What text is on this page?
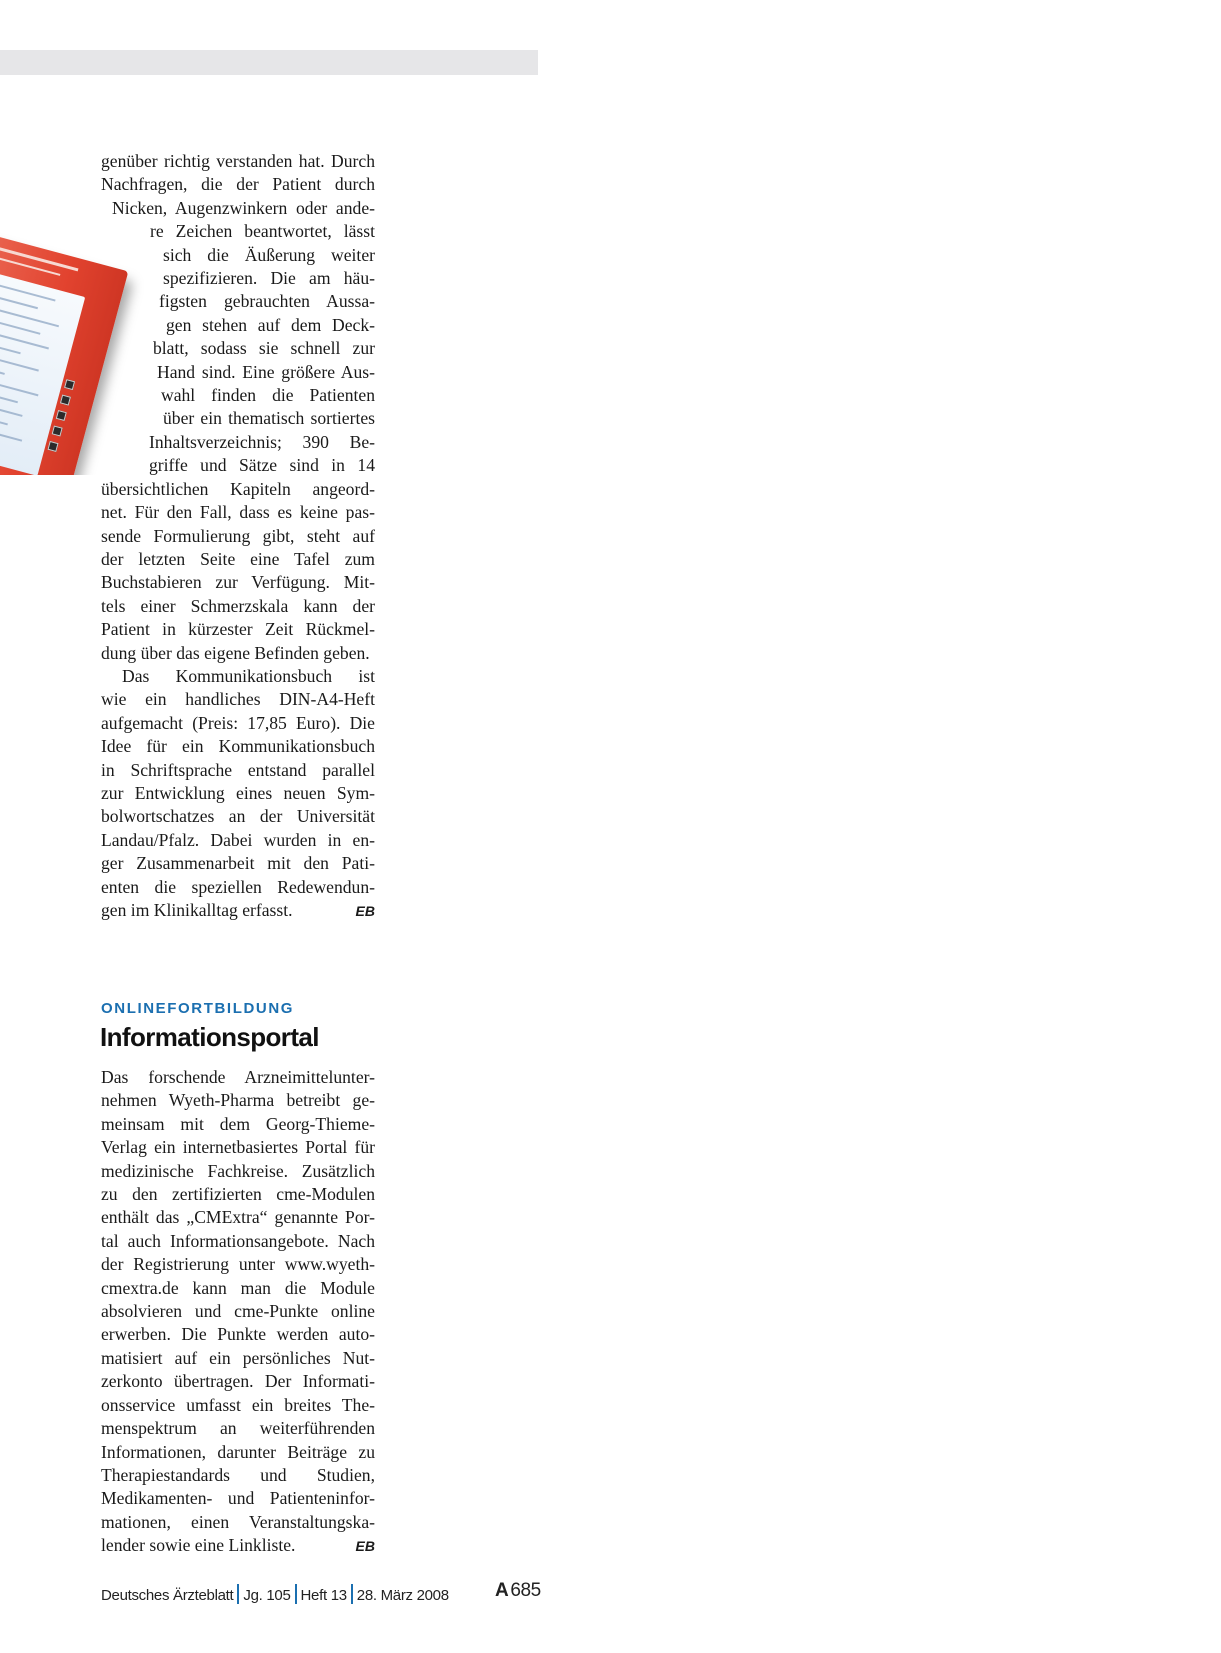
genüber richtig verstanden hat. Durch
Nachfragen, die der Patient durch
Nicken, Augenzwinkern oder ande-
re Zeichen beantwortet, lässt
sich die Äußerung weiter
spezifizieren. Die am häu-
figsten gebrauchten Aussa-
gen stehen auf dem Deck-
blatt, sodass sie schnell zur
Hand sind. Eine größere Aus-
wahl finden die Patienten
über ein thematisch sortiertes
Inhaltsverzeichnis; 390 Be-
griffe und Sätze sind in 14
übersichtlichen Kapiteln angeord-
net. Für den Fall, dass es keine pas-
sende Formulierung gibt, steht auf
der letzten Seite eine Tafel zum
Buchstabieren zur Verfügung. Mit-
tels einer Schmerzskala kann der
Patient in kürzester Zeit Rückmel-
dung über das eigene Befinden geben.
Das Kommunikationsbuch ist
wie ein handliches DIN-A4-Heft
aufgemacht (Preis: 17,85 Euro). Die
Idee für ein Kommunikationsbuch
in Schriftsprache entstand parallel
zur Entwicklung eines neuen Sym-
bolwortschatzes an der Universität
Landau/Pfalz. Dabei wurden in en-
ger Zusammenarbeit mit den Pati-
enten die speziellen Redewendun-
gen im Klinikalltag erfasst.	EB
ONLINEFORTBILDUNG
Informationsportal
Das forschende Arzneimittelunter-
nehmen Wyeth-Pharma betreibt ge-
meinsam mit dem Georg-Thieme-
Verlag ein internetbasiertes Portal für
medizinische Fachkreise. Zusätzlich
zu den zertifizierten cme-Modulen
enthält das „CMExtra“ genannte Por-
tal auch Informationsangebote. Nach
der Registrierung unter www.wyeth-
cmextra.de kann man die Module
absolvieren und cme-Punkte online
erwerben. Die Punkte werden auto-
matisiert auf ein persönliches Nut-
zerkonto übertragen. Der Informati-
onsservice umfasst ein breites The-
menspektrum an weiterführenden
Informationen, darunter Beiträge zu
Therapiestandards und Studien,
Medikamenten- und Patienteninfor-
mationen, einen Veranstaltungska-
lender sowie eine Linkliste.	EB
Deutsches Ärzteblatt Jg. 105 Heft 13 28. März 2008 A 685
